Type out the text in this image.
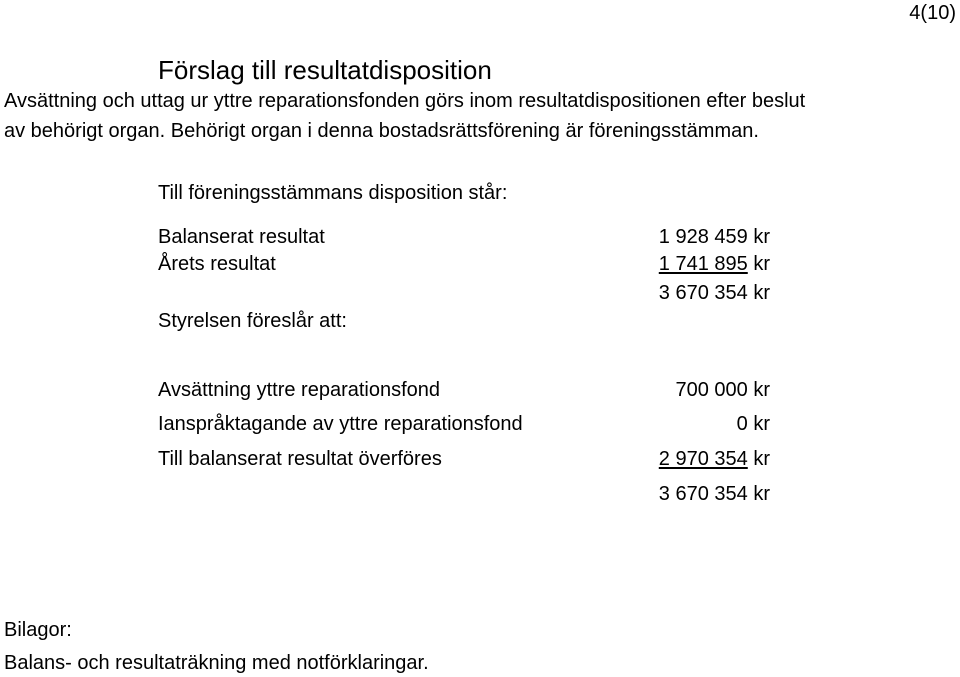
4(10)
Förslag till resultatdisposition
Avsättning och uttag ur yttre reparationsfonden görs inom resultatdispositionen efter beslut
av behörigt organ. Behörigt organ i denna bostadsrättsförening är föreningsstämman.
Till föreningsstämmans disposition står:
Balanserat resultat	1 928 459 kr
Årets resultat	1 741 895 kr
3 670 354 kr
Styrelsen föreslår att:
Avsättning yttre reparationsfond	700 000 kr
Ianspråktagande av yttre reparationsfond	0 kr
Till balanserat resultat överföres	2 970 354 kr
3 670 354 kr
Bilagor:
Balans- och resultaträkning med notförklaringar.
